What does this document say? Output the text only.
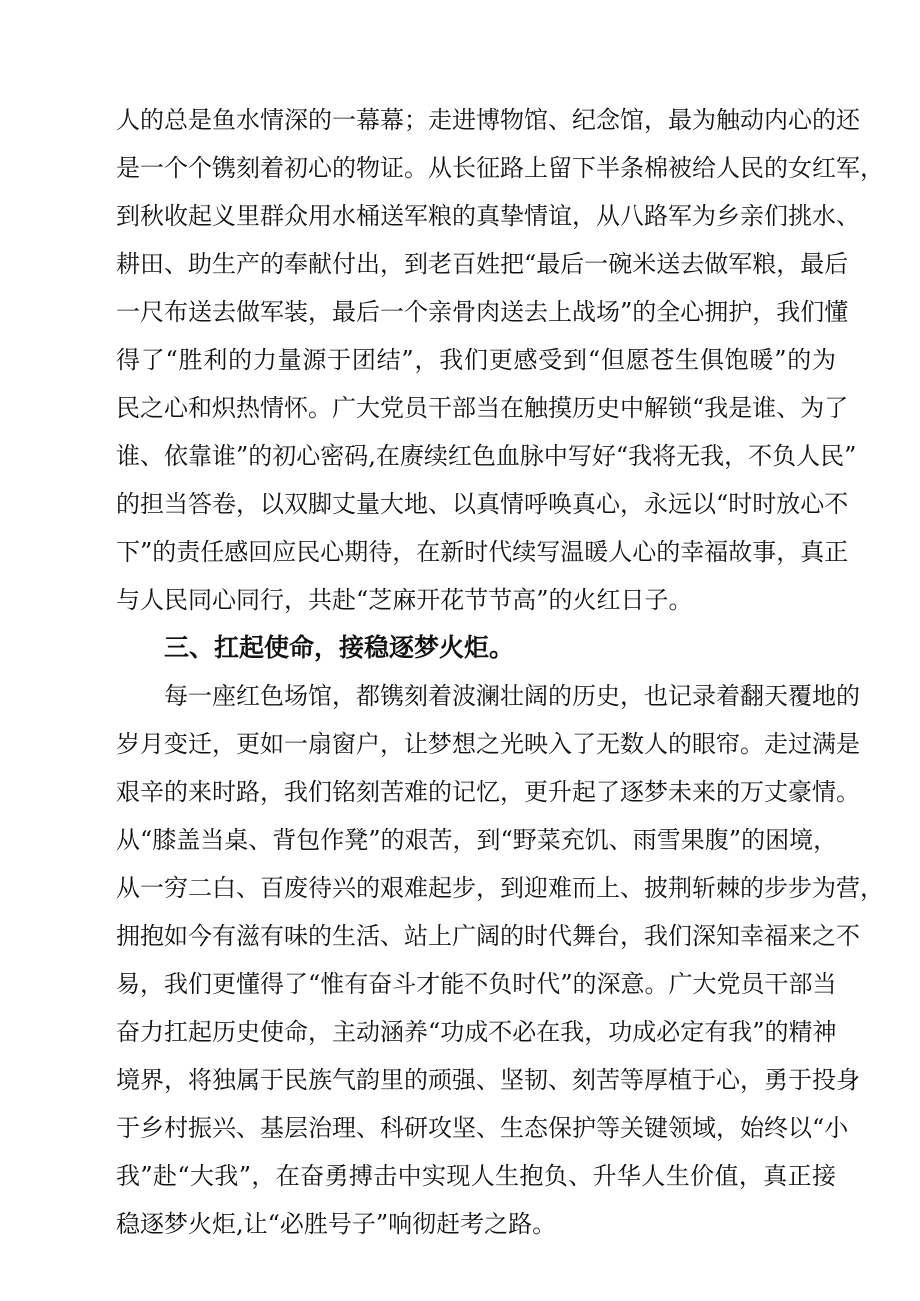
人的总是鱼水情深的一幕幕；走进博物馆、纪念馆，最为触动内心的还
是一个个镌刻着初心的物证。从长征路上留下半条棉被给人民的女红军，
到秋收起义里群众用水桶送军粮的真挚情谊，从八路军为乡亲们挑水、
耕田、助生产的奉献付出，到老百姓把“最后一碗米送去做军粮，最后
一尺布送去做军装，最后一个亲骨肉送去上战场”的全心拥护，我们懂
得了“胜利的力量源于团结”，我们更感受到“但愿苍生俱饱暖”的为
民之心和炽热情怀。广大党员干部当在触摸历史中解锁“我是谁、为了
谁、依靠谁”的初心密码,在赓续红色血脉中写好“我将无我，不负人民”
的担当答卷，以双脚丈量大地、以真情呼唤真心，永远以“时时放心不
下”的责任感回应民心期待，在新时代续写温暖人心的幸福故事，真正
与人民同心同行，共赴“芝麻开花节节高”的火红日子。
三、扛起使命，接稳逐梦火炬。
每一座红色场馆，都镌刻着波澜壮阔的历史，也记录着翻天覆地的
岁月变迁，更如一扇窗户，让梦想之光映入了无数人的眼帘。走过满是
艰辛的来时路，我们铭刻苦难的记忆，更升起了逐梦未来的万丈豪情。
从“膝盖当桌、背包作凳”的艰苦，到“野菜充饥、雨雪果腹”的困境，
从一穷二白、百废待兴的艰难起步，到迎难而上、披荆斩棘的步步为营，
拥抱如今有滋有味的生活、站上广阔的时代舞台，我们深知幸福来之不
易，我们更懂得了“惟有奋斗才能不负时代”的深意。广大党员干部当
奋力扛起历史使命，主动涵养“功成不必在我，功成必定有我”的精神
境界，将独属于民族气韵里的顽强、坚韧、刻苦等厚植于心，勇于投身
于乡村振兴、基层治理、科研攻坚、生态保护等关键领域，始终以“小
我”赴“大我”，在奋勇搏击中实现人生抱负、升华人生价值，真正接
稳逐梦火炬,让“必胜号子”响彻赶考之路。
